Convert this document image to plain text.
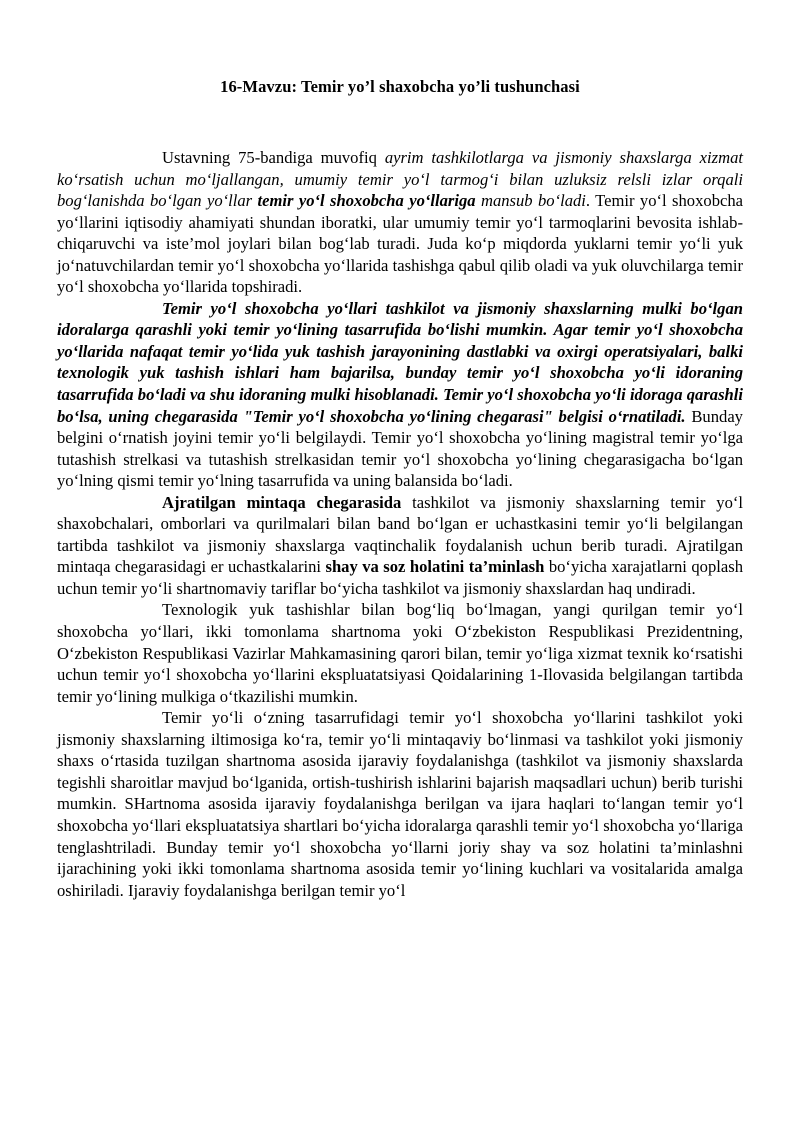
16-Mavzu: Temir yo’l shaxobcha yo’li tushunchasi

Ustavning 75-bandiga muvofiq ayrim tashkilotlarga va jismoniy shaxslarga xizmat ko‘rsatish uchun mo‘ljallangan, umumiy temir yo‘l tarmog‘i bilan uzluksiz relsli izlar orqali bog‘lanishda bo‘lgan yo‘llar temir yo‘l shoxobcha yo‘llariga mansub bo‘ladi. Temir yo‘l shoxobcha yo‘llarini iqtisodiy ahamiyati shundan iboratki, ular umumiy temir yo‘l tarmoqlarini bevosita ishlab-chiqaruvchi va iste’mol joylari bilan bog‘lab turadi. Juda ko‘p miqdorda yuklarni temir yo‘li yuk jo‘natuvchilardan temir yo‘l shoxobcha yo‘llarida tashishga qabul qilib oladi va yuk oluvchilarga temir yo‘l shoxobcha yo‘llarida topshiradi.

Temir yo‘l shoxobcha yo‘llari tashkilot va jismoniy shaxslarning mulki bo‘lgan idoralarga qarashli yoki temir yo‘lining tasarrufida bo‘lishi mumkin. Agar temir yo‘l shoxobcha yo‘llarida nafaqat temir yo‘lida yuk tashish jarayonining dastlabki va oxirgi operatsiyalari, balki texnologik yuk tashish ishlari ham bajarilsa, bunday temir yo‘l shoxobcha yo‘li idoraning tasarrufida bo‘ladi va shu idoraning mulki hisoblanadi. Temir yo‘l shoxobcha yo‘li idoraga qarashli bo‘lsa, uning chegarasida "Temir yo‘l shoxobcha yo‘lining chegarasi" belgisi o‘rnatiladi. Bunday belgini o‘rnatish joyini temir yo‘li belgilaydi. Temir yo‘l shoxobcha yo‘lining magistral temir yo‘lga tutashish strelkasi va tutashish strelkasidan temir yo‘l shoxobcha yo‘lining chegarasigacha bo‘lgan yo‘lning qismi temir yo‘lning tasarrufida va uning balansida bo‘ladi.

Ajratilgan mintaqa chegarasida tashkilot va jismoniy shaxslarning temir yo‘l shaxobchalari, omborlari va qurilmalari bilan band bo‘lgan er uchastkasini temir yo‘li belgilangan tartibda tashkilot va jismoniy shaxslarga vaqtinchalik foydalanish uchun berib turadi. Ajratilgan mintaqa chegarasidagi er uchastkalarini shay va soz holatini ta’minlash bo‘yicha xarajatlarni qoplash uchun temir yo‘li shartnomaviy tariflar bo‘yicha tashkilot va jismoniy shaxslardan haq undiradi.

Texnologik yuk tashishlar bilan bog‘liq bo‘lmagan, yangi qurilgan temir yo‘l shoxobcha yo‘llari, ikki tomonlama shartnoma yoki O‘zbekiston Respublikasi Prezidentning, O‘zbekiston Respublikasi Vazirlar Mahkamasining qarori bilan, temir yo‘liga xizmat texnik ko‘rsatishi uchun temir yo‘l shoxobcha yo‘llarini ekspluatatsiyasi Qoidalarining 1-Ilovasida belgilangan tartibda temir yo‘lining mulkiga o‘tkazilishi mumkin.

Temir yo‘li o‘zning tasarrufidagi temir yo‘l shoxobcha yo‘llarini tashkilot yoki jismoniy shaxslarning iltimosiga ko‘ra, temir yo‘li mintaqaviy bo‘linmasi va tashkilot yoki jismoniy shaxs o‘rtasida tuzilgan shartnoma asosida ijaraviy foydalanishga (tashkilot va jismoniy shaxslarda tegishli sharoitlar mavjud bo‘lganida, ortish-tushirish ishlarini bajarish maqsadlari uchun) berib turishi mumkin. SHartnoma asosida ijaraviy foydalanishga berilgan va ijara haqlari to‘langan temir yo‘l shoxobcha yo‘llari ekspluatatsiya shartlari bo‘yicha idoralarga qarashli temir yo‘l shoxobcha yo‘llariga tenglashtriladi. Bunday temir yo‘l shoxobcha yo‘llarni joriy shay va soz holatini ta’minlashni ijarachining yoki ikki tomonlama shartnoma asosida temir yo‘lining kuchlari va vositalarida amalga oshiriladi. Ijaraviy foydalanishga berilgan temir yo‘l
